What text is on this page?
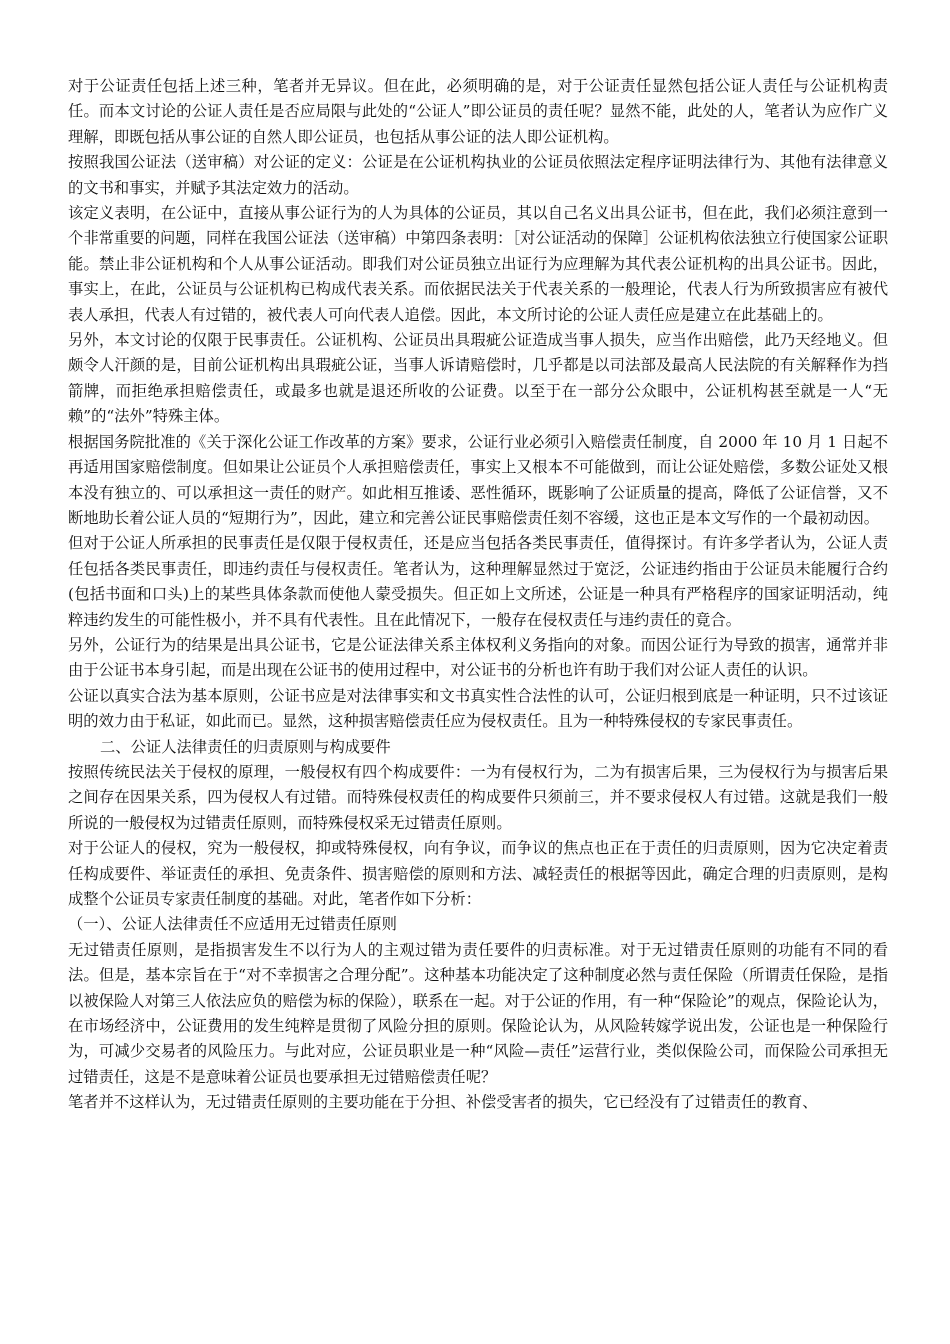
对于公证责任包括上述三种，笔者并无异议。但在此，必须明确的是，对于公证责任显然包括公证人责任与公证机构责任。而本文讨论的公证人责任是否应局限与此处的“公证人”即公证员的责任呢？显然不能，此处的人，笔者认为应作广义理解，即既包括从事公证的自然人即公证员，也包括从事公证的法人即公证机构。

按照我国公证法（送审稿）对公证的定义：公证是在公证机构执业的公证员依照法定程序证明法律行为、其他有法律意义的文书和事实，并赋予其法定效力的活动。

该定义表明，在公证中，直接从事公证行为的人为具体的公证员，其以自己名义出具公证书，但在此，我们必须注意到一个非常重要的问题，同样在我国公证法（送审稿）中第四条表明：［对公证活动的保障］公证机构依法独立行使国家公证职能。禁止非公证机构和个人从事公证活动。即我们对公证员独立出证行为应理解为其代表公证机构的出具公证书。因此，事实上，在此，公证员与公证机构已构成代表关系。而依据民法关于代表关系的一般理论，代表人行为所致损害应有被代表人承担，代表人有过错的，被代表人可向代表人追偿。因此，本文所讨论的公证人责任应是建立在此基础上的。

另外，本文讨论的仅限于民事责任。公证机构、公证员出具瑕疵公证造成当事人损失，应当作出赔偿，此乃天经地义。但颇令人汗颜的是，目前公证机构出具瑕疵公证，当事人诉请赔偿时，几乎都是以司法部及最高人民法院的有关解释作为挡箭牌，而拒绝承担赔偿责任，或最多也就是退还所收的公证费。以至于在一部分公众眼中，公证机构甚至就是一人“无赖”的“法外”特殊主体。

根据国务院批准的《关于深化公证工作改革的方案》要求，公证行业必须引入赔偿责任制度，自 2000 年 10 月 1 日起不再适用国家赔偿制度。但如果让公证员个人承担赔偿责任，事实上又根本不可能做到，而让公证处赔偿，多数公证处又根本没有独立的、可以承担这一责任的财产。如此相互推诿、恶性循环，既影响了公证质量的提高，降低了公证信誉，又不断地助长着公证人员的“短期行为”，因此，建立和完善公证民事赔偿责任刻不容缓，这也正是本文写作的一个最初动因。

但对于公证人所承担的民事责任是仅限于侵权责任，还是应当包括各类民事责任，值得探讨。有许多学者认为，公证人责任包括各类民事责任，即违约责任与侵权责任。笔者认为，这种理解显然过于宽泛，公证违约指由于公证员未能履行合约(包括书面和口头)上的某些具体条款而使他人蒙受损失。但正如上文所述，公证是一种具有严格程序的国家证明活动，纯粹违约发生的可能性极小，并不具有代表性。且在此情况下，一般存在侵权责任与违约责任的竟合。

另外，公证行为的结果是出具公证书，它是公证法律关系主体权利义务指向的对象。而因公证行为导致的损害，通常并非由于公证书本身引起，而是出现在公证书的使用过程中，对公证书的分析也许有助于我们对公证人责任的认识。

公证以真实合法为基本原则，公证书应是对法律事实和文书真实性合法性的认可，公证归根到底是一种证明，只不过该证明的效力由于私证，如此而已。显然，这种损害赔偿责任应为侵权责任。且为一种特殊侵权的专家民事责任。

二、公证人法律责任的归责原则与构成要件

按照传统民法关于侵权的原理，一般侵权有四个构成要件：一为有侵权行为，二为有损害后果，三为侵权行为与损害后果之间存在因果关系，四为侵权人有过错。而特殊侵权责任的构成要件只须前三，并不要求侵权人有过错。这就是我们一般所说的一般侵权为过错责任原则，而特殊侵权采无过错责任原则。

对于公证人的侵权，究为一般侵权，抑或特殊侵权，向有争议，而争议的焦点也正在于责任的归责原则，因为它决定着责任构成要件、举证责任的承担、免责条件、损害赔偿的原则和方法、减轻责任的根据等因此，确定合理的归责原则，是构成整个公证员专家责任制度的基础。对此，笔者作如下分析：

（一）、公证人法律责任不应适用无过错责任原则

无过错责任原则，是指损害发生不以行为人的主观过错为责任要件的归责标准。对于无过错责任原则的功能有不同的看法。但是，基本宗旨在于“对不幸损害之合理分配”。这种基本功能决定了这种制度必然与责任保险（所谓责任保险，是指以被保险人对第三人依法应负的赔偿为标的保险），联系在一起。对于公证的作用，有一种“保险论”的观点，保险论认为，在市场经济中，公证费用的发生纯粹是贯彻了风险分担的原则。保险论认为，从风险转嫁学说出发，公证也是一种保险行为，可减少交易者的风险压力。与此对应，公证员职业是一种“风险—责任”运营行业，类似保险公司，而保险公司承担无过错责任，这是不是意味着公证员也要承担无过错赔偿责任呢？

笔者并不这样认为，无过错责任原则的主要功能在于分担、补偿受害者的损失，它已经没有了过错责任的教育、
